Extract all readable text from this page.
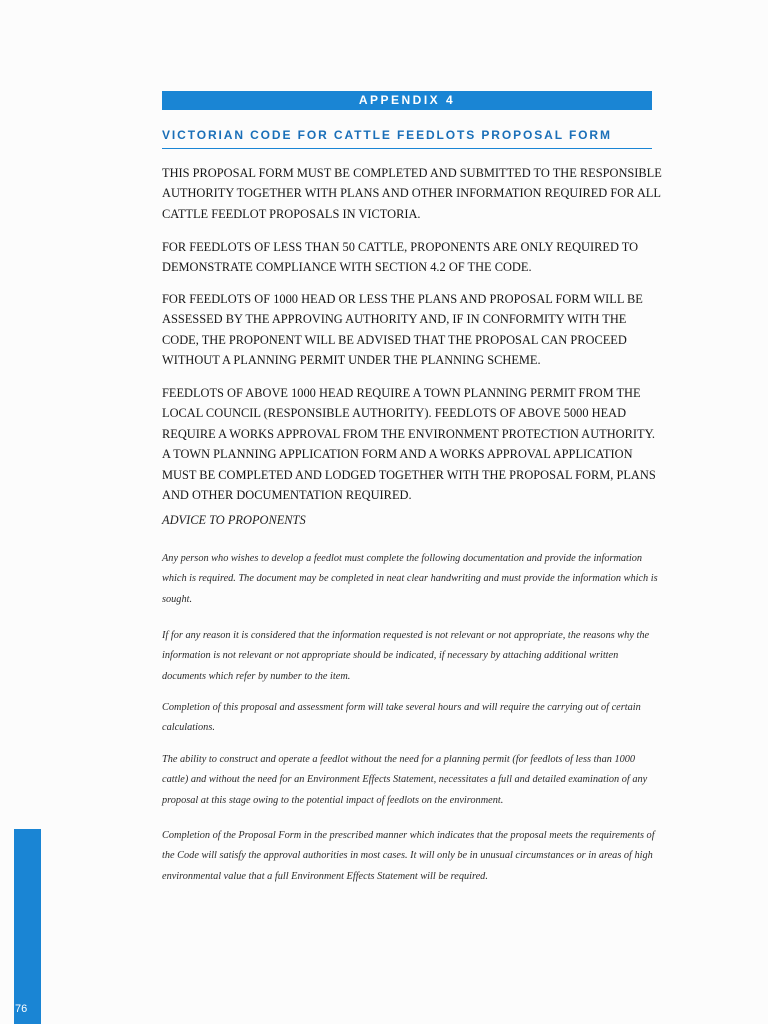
APPENDIX 4
VICTORIAN CODE FOR CATTLE FEEDLOTS PROPOSAL FORM

THIS PROPOSAL FORM MUST BE COMPLETED AND SUBMITTED TO THE RESPONSIBLE AUTHORITY TOGETHER WITH PLANS AND OTHER INFORMATION REQUIRED FOR ALL CATTLE FEEDLOT PROPOSALS IN VICTORIA.

FOR FEEDLOTS OF LESS THAN 50 CATTLE, PROPONENTS ARE ONLY REQUIRED TO DEMONSTRATE COMPLIANCE WITH SECTION 4.2 OF THE CODE.

FOR FEEDLOTS OF 1000 HEAD OR LESS THE PLANS AND PROPOSAL FORM WILL BE ASSESSED BY THE APPROVING AUTHORITY AND, IF IN CONFORMITY WITH THE CODE, THE PROPONENT WILL BE ADVISED THAT THE PROPOSAL CAN PROCEED WITHOUT A PLANNING PERMIT UNDER THE PLANNING SCHEME.

FEEDLOTS OF ABOVE 1000 HEAD REQUIRE A TOWN PLANNING PERMIT FROM THE LOCAL COUNCIL (RESPONSIBLE AUTHORITY). FEEDLOTS OF ABOVE 5000 HEAD REQUIRE A WORKS APPROVAL FROM THE ENVIRONMENT PROTECTION AUTHORITY. A TOWN PLANNING APPLICATION FORM AND A WORKS APPROVAL APPLICATION MUST BE COMPLETED AND LODGED TOGETHER WITH THE PROPOSAL FORM, PLANS AND OTHER DOCUMENTATION REQUIRED.

ADVICE TO PROPONENTS

Any person who wishes to develop a feedlot must complete the following documentation and provide the information which is required. The document may be completed in neat clear handwriting and must provide the information which is sought.

If for any reason it is considered that the information requested is not relevant or not appropriate, the reasons why the information is not relevant or not appropriate should be indicated, if necessary by attaching additional written documents which refer by number to the item.

Completion of this proposal and assessment form will take several hours and will require the carrying out of certain calculations.

The ability to construct and operate a feedlot without the need for a planning permit (for feedlots of less than 1000 cattle) and without the need for an Environment Effects Statement, necessitates a full and detailed examination of any proposal at this stage owing to the potential impact of feedlots on the environment.

Completion of the Proposal Form in the prescribed manner which indicates that the proposal meets the requirements of the Code will satisfy the approval authorities in most cases. It will only be in unusual circumstances or in areas of high environmental value that a full Environment Effects Statement will be required.

76
